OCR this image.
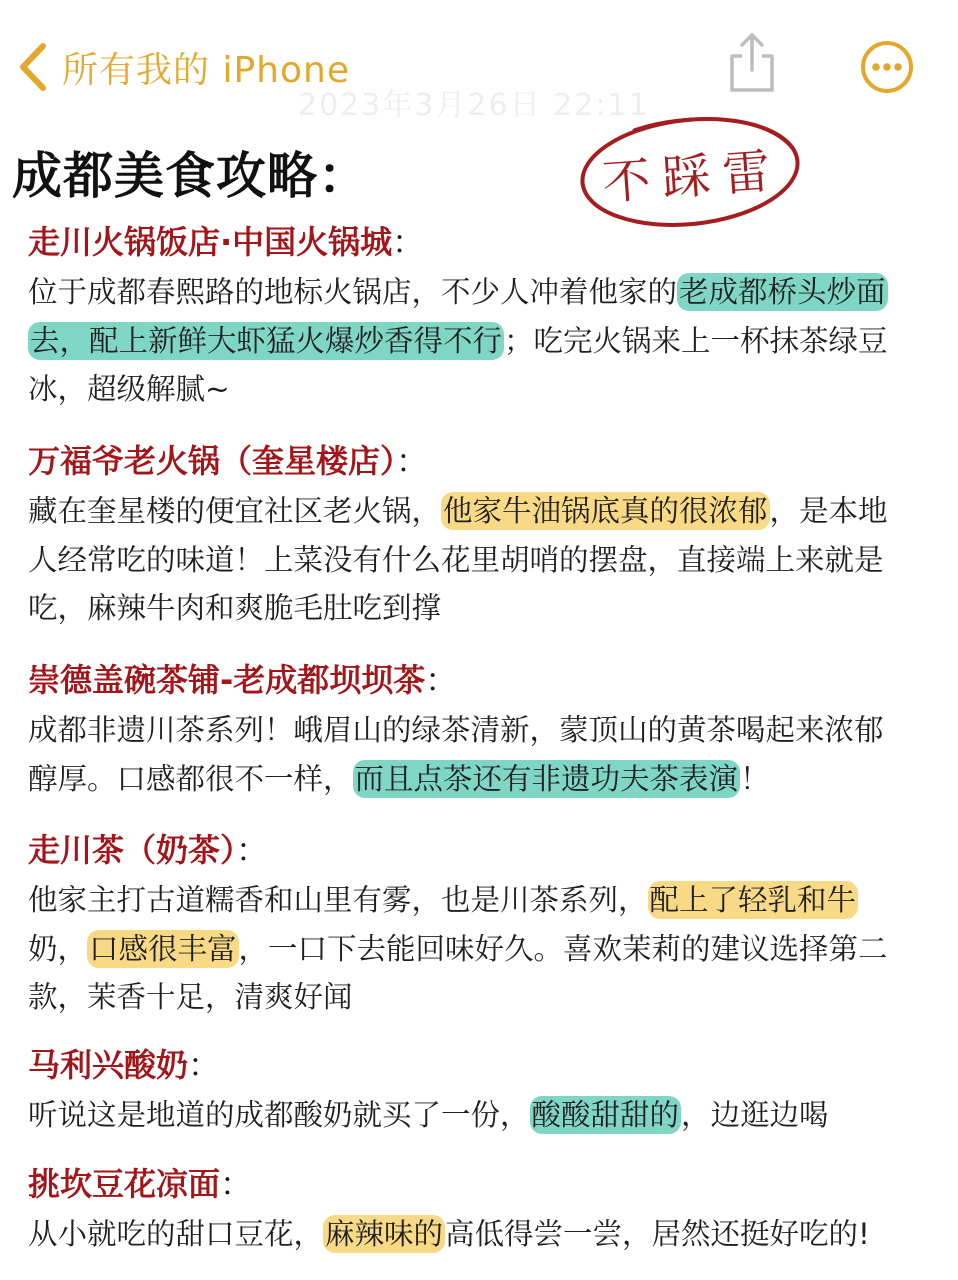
所有我的 iPhone
2023年3月26日 22:11
成都美食攻略：	不踩雷
走川火锅饭店·中国火锅城：
位于成都春熙路的地标火锅店，不少人冲着他家的老成都桥头炒面
去，配上新鲜大虾猛火爆炒香得不行；吃完火锅来上一杯抹茶绿豆
冰，超级解腻~
万福爷老火锅（奎星楼店）：
藏在奎星楼的便宜社区老火锅，他家牛油锅底真的很浓郁，是本地
人经常吃的味道！上菜没有什么花里胡哨的摆盘，直接端上来就是
吃，麻辣牛肉和爽脆毛肚吃到撑
崇德盖碗茶铺-老成都坝坝茶：
成都非遗川茶系列！峨眉山的绿茶清新，蒙顶山的黄茶喝起来浓郁
醇厚。口感都很不一样，而且点茶还有非遗功夫茶表演！
走川茶（奶茶）：
他家主打古道糯香和山里有雾，也是川茶系列，配上了轻乳和牛
奶，口感很丰富，一口下去能回味好久。喜欢茉莉的建议选择第二
款，茉香十足，清爽好闻
马利兴酸奶：
听说这是地道的成都酸奶就买了一份，酸酸甜甜的，边逛边喝
挑坎豆花凉面：
从小就吃的甜口豆花，麻辣味的高低得尝一尝，居然还挺好吃的!
